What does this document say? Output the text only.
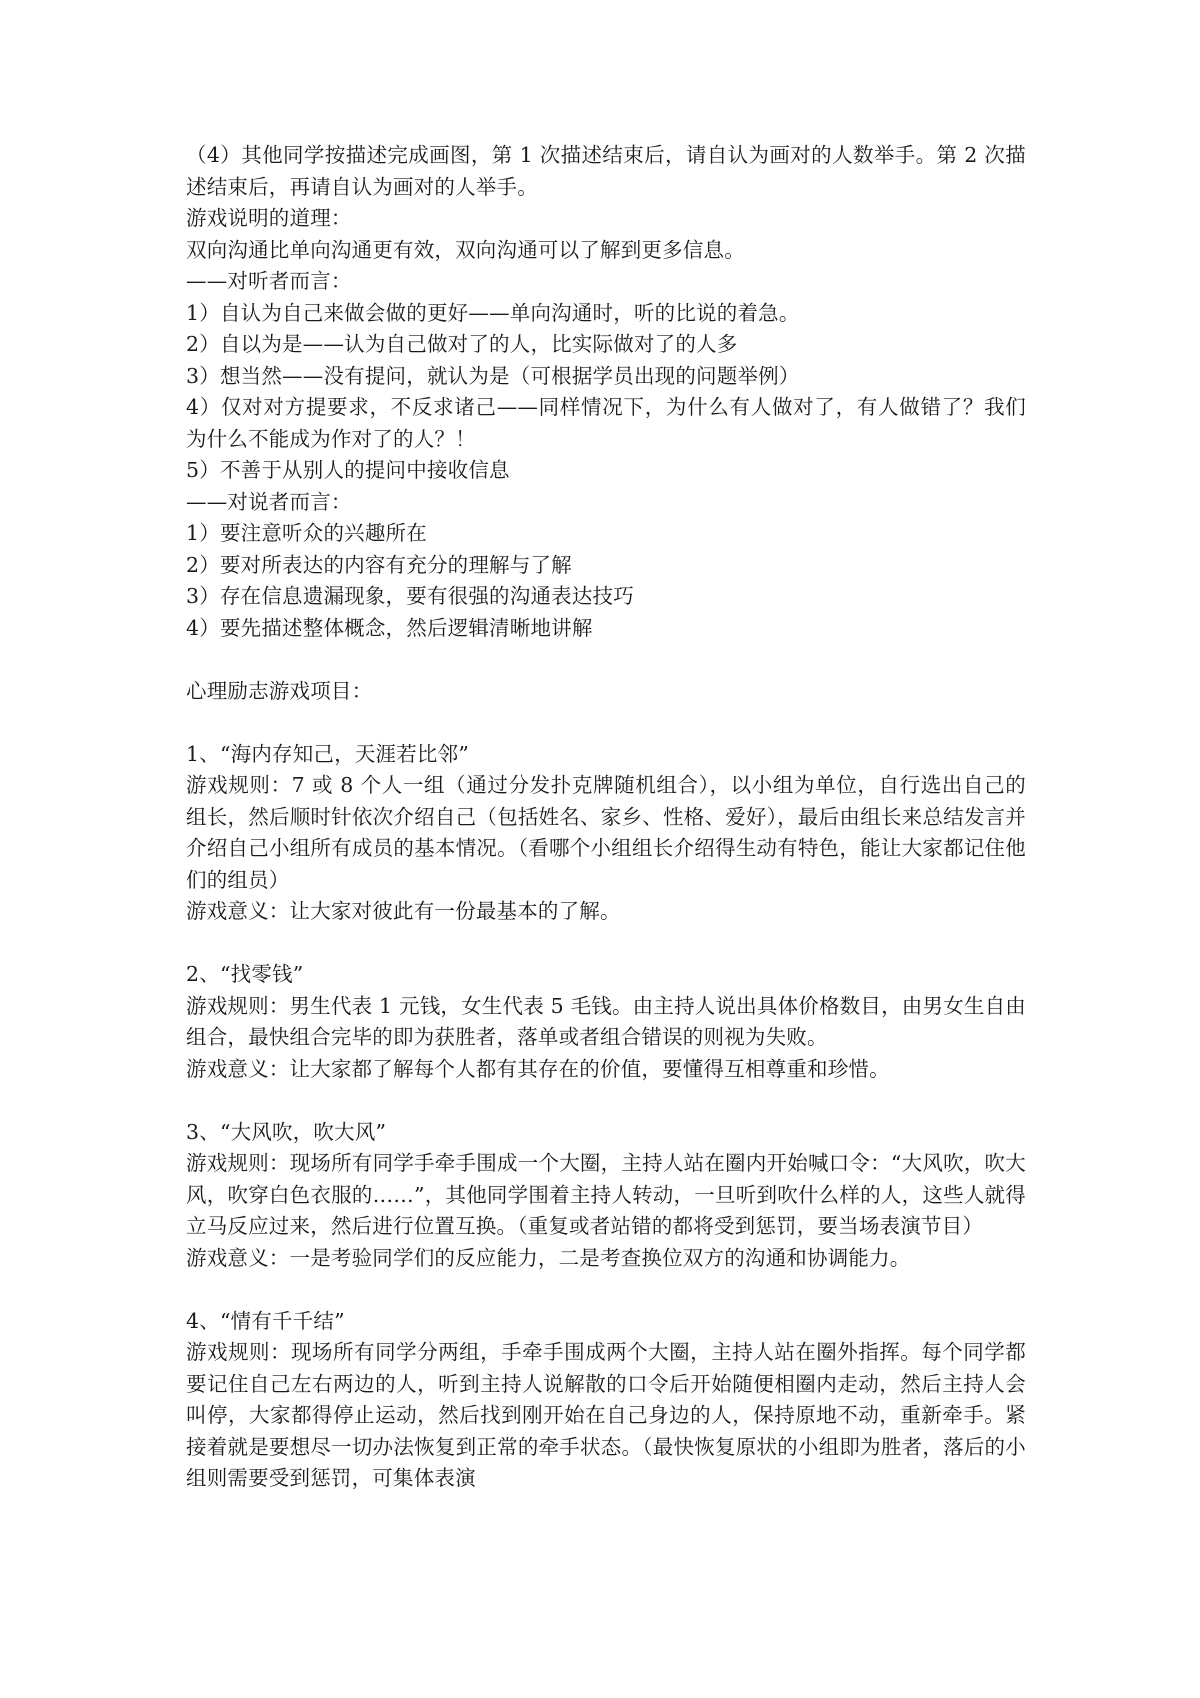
（4）其他同学按描述完成画图，第 1 次描述结束后，请自认为画对的人数举手。第 2 次描述结束后，再请自认为画对的人举手。

游戏说明的道理：

双向沟通比单向沟通更有效，双向沟通可以了解到更多信息。

——对听者而言：

1）自认为自己来做会做的更好——单向沟通时，听的比说的着急。

2）自以为是——认为自己做对了的人，比实际做对了的人多

3）想当然——没有提问，就认为是（可根据学员出现的问题举例）

4）仅对对方提要求，不反求诸己——同样情况下，为什么有人做对了，有人做错了？我们为什么不能成为作对了的人？！

5）不善于从别人的提问中接收信息

——对说者而言：

1）要注意听众的兴趣所在

2）要对所表达的内容有充分的理解与了解

3）存在信息遗漏现象，要有很强的沟通表达技巧

4）要先描述整体概念，然后逻辑清晰地讲解

心理励志游戏项目：

1、“海内存知己，天涯若比邻”

游戏规则：7 或 8 个人一组（通过分发扑克牌随机组合），以小组为单位，自行选出自己的组长，然后顺时针依次介绍自己（包括姓名、家乡、性格、爱好），最后由组长来总结发言并介绍自己小组所有成员的基本情况。（看哪个小组组长介绍得生动有特色，能让大家都记住他们的组员）

游戏意义：让大家对彼此有一份最基本的了解。

2、“找零钱”

游戏规则：男生代表 1 元钱，女生代表 5 毛钱。由主持人说出具体价格数目，由男女生自由组合，最快组合完毕的即为获胜者，落单或者组合错误的则视为失败。

游戏意义：让大家都了解每个人都有其存在的价值，要懂得互相尊重和珍惜。

3、“大风吹，吹大风”

游戏规则：现场所有同学手牵手围成一个大圈，主持人站在圈内开始喊口令：“大风吹，吹大风，吹穿白色衣服的……”，其他同学围着主持人转动，一旦听到吹什么样的人，这些人就得立马反应过来，然后进行位置互换。（重复或者站错的都将受到惩罚，要当场表演节目）

游戏意义：一是考验同学们的反应能力，二是考查换位双方的沟通和协调能力。

4、“情有千千结”

游戏规则：现场所有同学分两组，手牵手围成两个大圈，主持人站在圈外指挥。每个同学都要记住自己左右两边的人，听到主持人说解散的口令后开始随便相圈内走动，然后主持人会叫停，大家都得停止运动，然后找到刚开始在自己身边的人，保持原地不动，重新牵手。紧接着就是要想尽一切办法恢复到正常的牵手状态。（最快恢复原状的小组即为胜者，落后的小组则需要受到惩罚，可集体表演
